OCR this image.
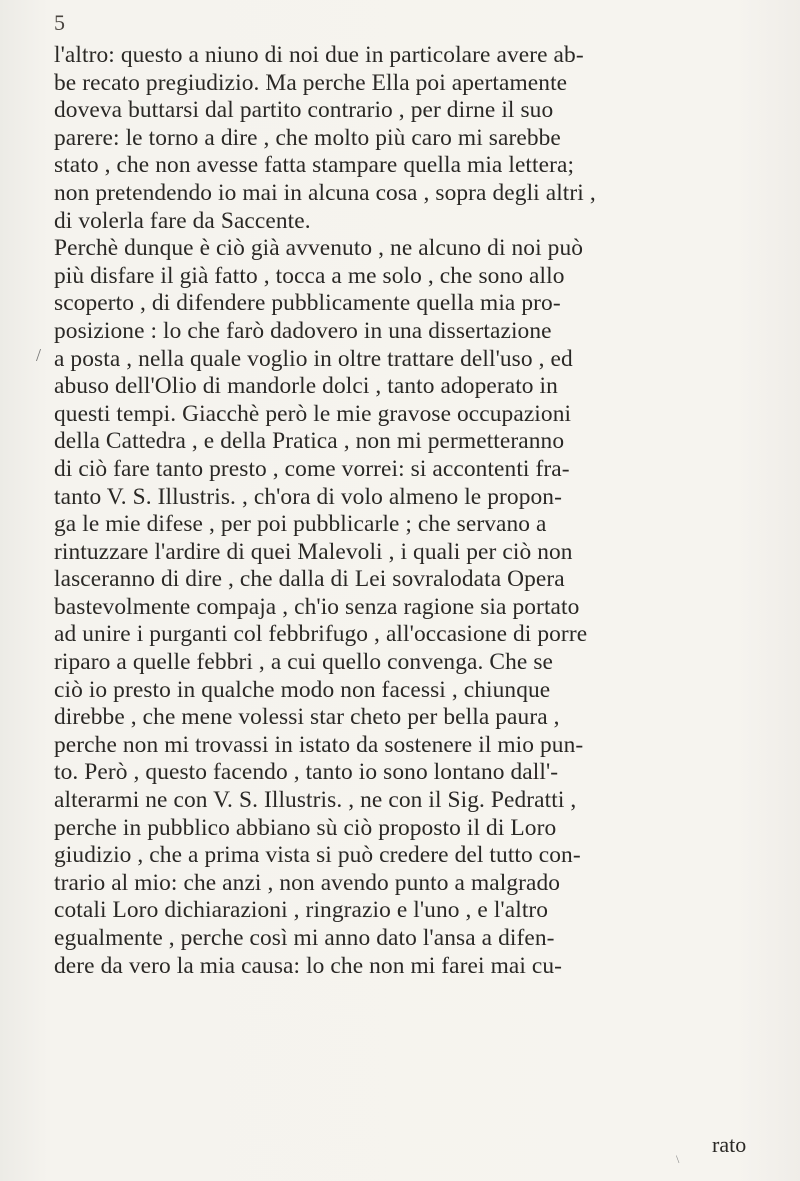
5
/
l'altro: questo a niuno di noi due in particolare avere ab-
be recato pregiudizio. Ma perche Ella poi apertamente
doveva buttarsi dal partito contrario , per dirne il suo
parere: le torno a dire , che molto più caro mi sarebbe
stato , che non avesse fatta stampare quella mia lettera;
non pretendendo io mai in alcuna cosa , sopra degli altri ,
di volerla fare da Saccente.
Perchè dunque è ciò già avvenuto , ne alcuno di noi può
più disfare il già fatto , tocca a me solo , che sono allo
scoperto , di difendere pubblicamente quella mia pro-
posizione : lo che farò dadovero in una dissertazione
a posta , nella quale voglio in oltre trattare dell'uso , ed
abuso dell'Olio di mandorle dolci , tanto adoperato in
questi tempi. Giacchè però le mie gravose occupazioni
della Cattedra , e della Pratica , non mi permetteranno
di ciò fare tanto presto , come vorrei: si accontenti fra-
tanto V. S. Illustris. , ch'ora di volo almeno le propon-
ga le mie difese , per poi pubblicarle ; che servano a
rintuzzare l'ardire di quei Malevoli , i quali per ciò non
lasceranno di dire , che dalla di Lei sovralodata Opera
bastevolmente compaja , ch'io senza ragione sia portato
ad unire i purganti col febbrifugo , all'occasione di porre
riparo a quelle febbri , a cui quello convenga. Che se
ciò io presto in qualche modo non facessi , chiunque
direbbe , che mene volessi star cheto per bella paura ,
perche non mi trovassi in istato da sostenere il mio pun-
to. Però , questo facendo , tanto io sono lontano dall'-
alterarmi ne con V. S. Illustris. , ne con il Sig. Pedratti ,
perche in pubblico abbiano sù ciò proposto il di Loro
giudizio , che a prima vista si può credere del tutto con-
trario al mio: che anzi , non avendo punto a malgrado
cotali Loro dichiarazioni , ringrazio e l'uno , e l'altro
egualmente , perche così mi anno dato l'ansa a difen-
dere da vero la mia causa: lo che non mi farei mai cu-
rato
\
